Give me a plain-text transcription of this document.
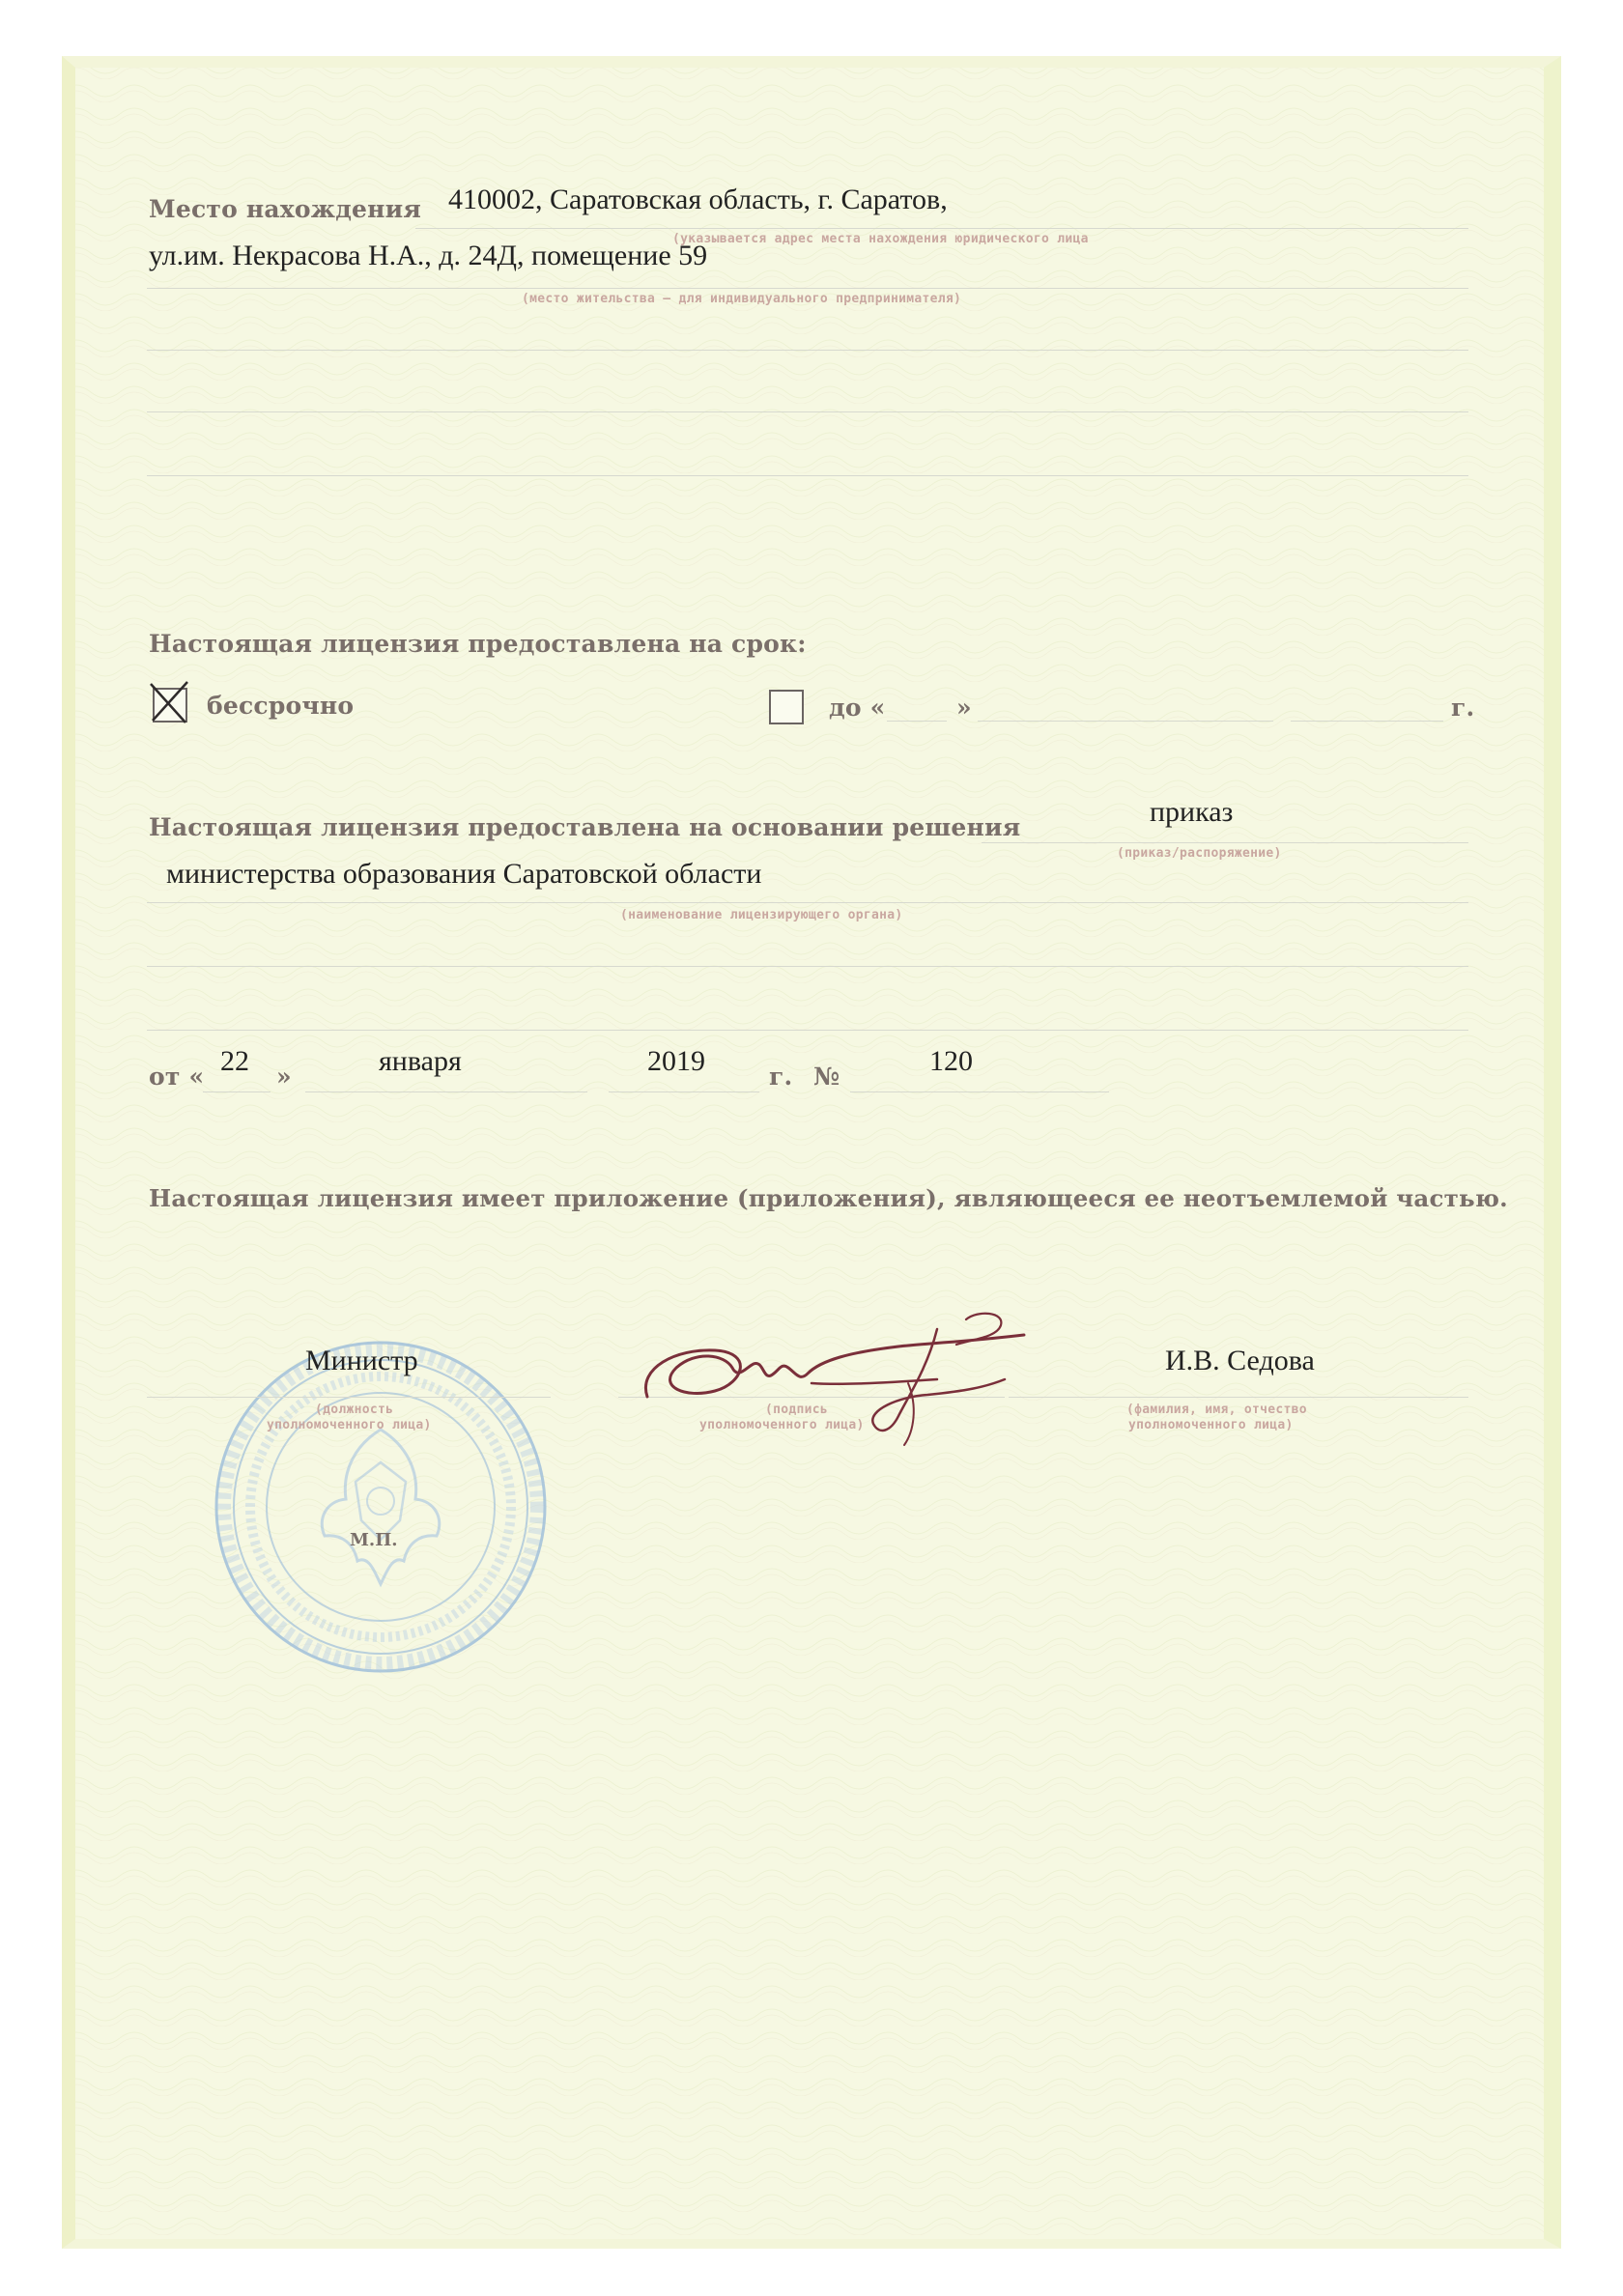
Место нахождения 410002, Саратовская область, г. Саратов,
(указывается адрес места нахождения юридического лица
ул.им. Некрасова Н.А., д. 24Д, помещение 59
(место жительства – для индивидуального предпринимателя)
Настоящая лицензия предоставлена на срок:
бессрочно	до «	»	г.
Настоящая лицензия предоставлена на основании решения	приказ
(приказ/распоряжение)
министерства образования Саратовской области
(наименование лицензирующего органа)
от « 22 »	января	2019	г. №	120
Настоящая лицензия имеет приложение (приложения), являющееся ее неотъемлемой частью.
М.П.
Министр
(должность
уполномоченного лица)
(подпись
уполномоченного лица)
И.В. Седова
(фамилия, имя, отчество
уполномоченного лица)
